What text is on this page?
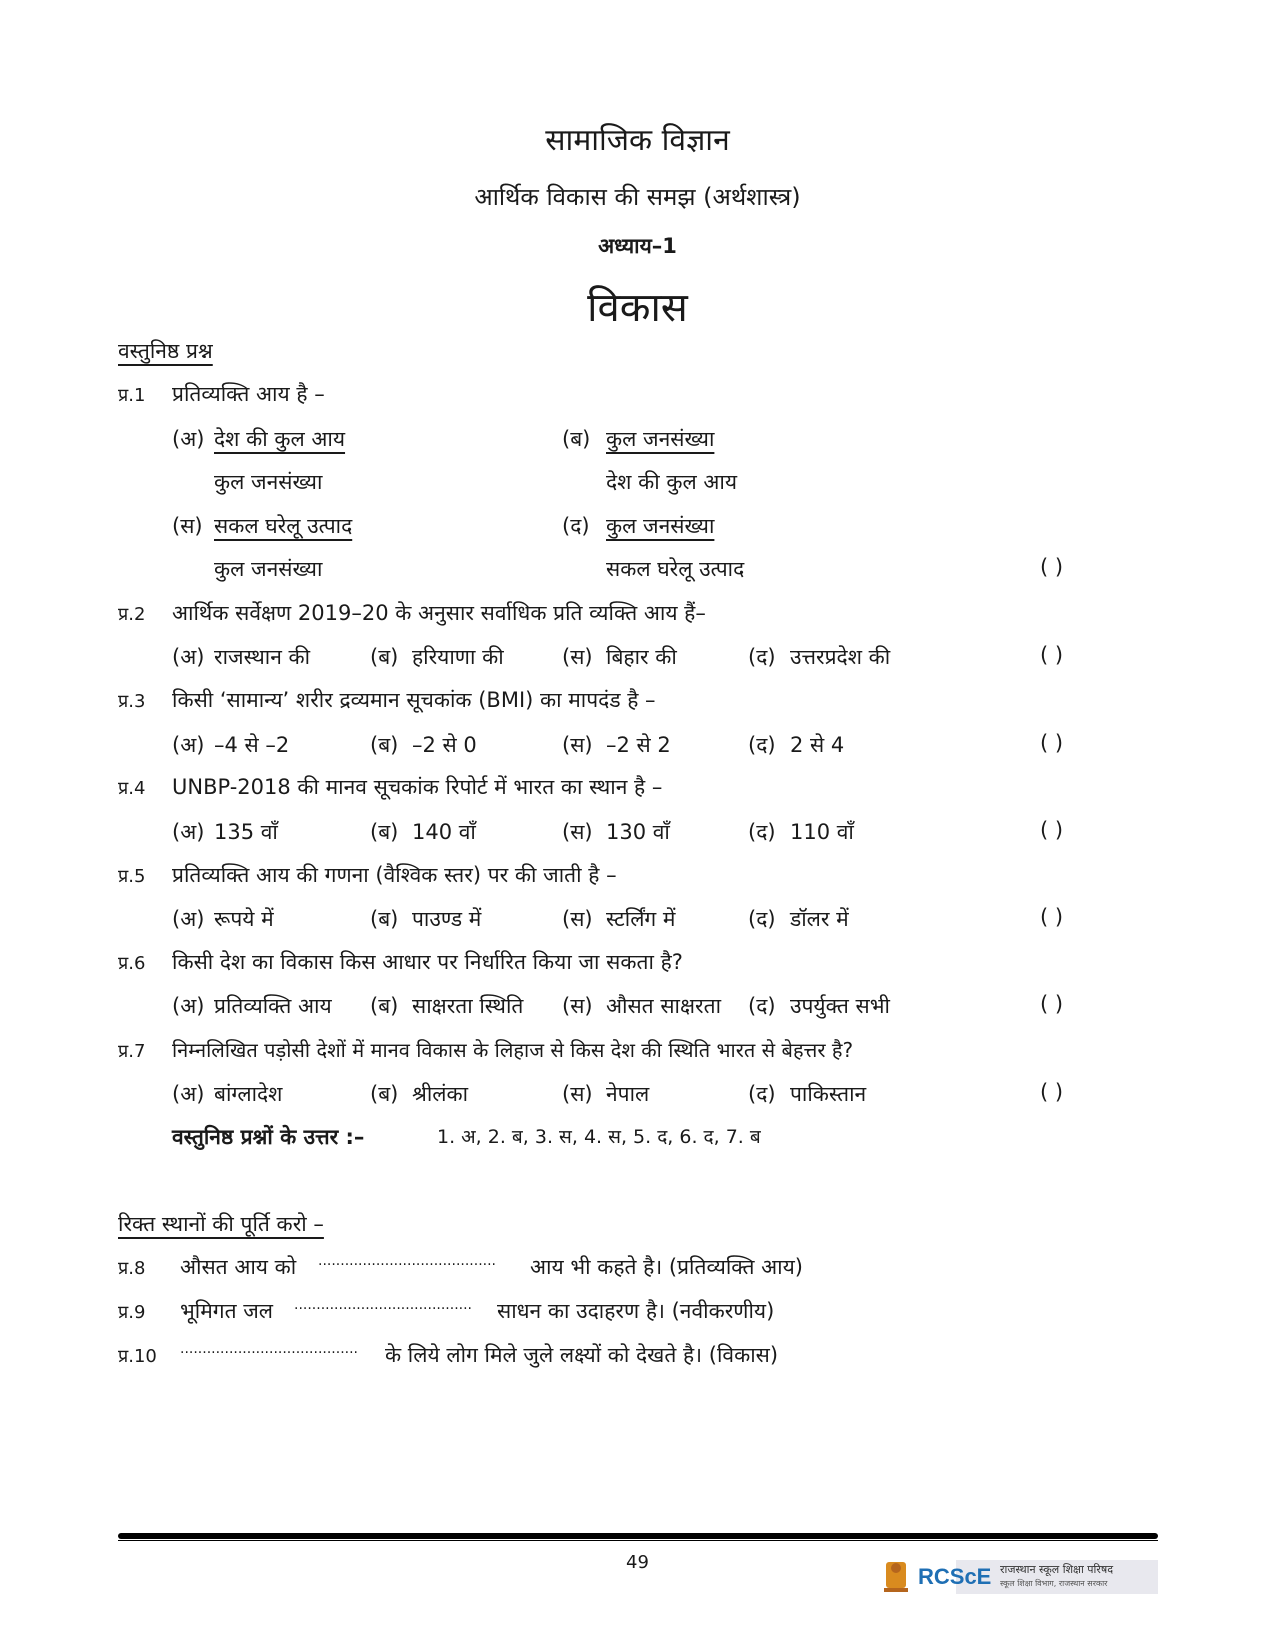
सामाजिक विज्ञान
आर्थिक विकास की समझ (अर्थशास्त्र)
अध्याय–1
विकास
वस्तुनिष्ठ प्रश्न
प्र.1 प्रतिव्यक्ति आय है –
(अ) देश की कुल आय
कुल जनसंख्या
(ब) कुल जनसंख्या
देश की कुल आय
(स) सकल घरेलू उत्पाद
कुल जनसंख्या
(द) कुल जनसंख्या
सकल घरेलू उत्पाद	( )
प्र.2 आर्थिक सर्वेक्षण 2019–20 के अनुसार सर्वाधिक प्रति व्यक्ति आय हैं–
(अ) राजस्थान की	(ब) हरियाणा की	(स) बिहार की	(द) उत्तरप्रदेश की	( )
प्र.3 किसी ‘सामान्य’ शरीर द्रव्यमान सूचकांक (BMI) का मापदंड है –
(अ) –4 से –2	(ब) –2 से 0	(स) –2 से 2	(द) 2 से 4	( )
प्र.4 UNBP-2018 की मानव सूचकांक रिपोर्ट में भारत का स्थान है –
(अ) 135 वाँ	(ब) 140 वाँ	(स) 130 वाँ	(द) 110 वाँ	( )
प्र.5 प्रतिव्यक्ति आय की गणना (वैश्विक स्तर) पर की जाती है –
(अ) रूपये में	(ब) पाउण्ड में	(स) स्टर्लिंग में	(द) डॉलर में	( )
प्र.6 किसी देश का विकास किस आधार पर निर्धारित किया जा सकता है?
(अ) प्रतिव्यक्ति आय (ब) साक्षरता स्थिति (स) औसत साक्षरता (द) उपर्युक्त सभी	( )
प्र.7 निम्नलिखित पड़ोसी देशों में मानव विकास के लिहाज से किस देश की स्थिति भारत से बेहत्तर है?
(अ) बांग्लादेश	(ब) श्रीलंका	(स) नेपाल	(द) पाकिस्तान	( )
वस्तुनिष्ठ प्रश्नों के उत्तर :–	1. अ, 2. ब, 3. स, 4. स, 5. द, 6. द, 7. ब
रिक्त स्थानों की पूर्ति करो –
प्र.8 औसत आय को ........................................ आय भी कहते है। (प्रतिव्यक्ति आय)
प्र.9 भूमिगत जल ........................................ साधन का उदाहरण है। (नवीकरणीय)
प्र.10 ........................................ के लिये लोग मिले जुले लक्ष्यों को देखते है। (विकास)
49
RCScE राजस्थान स्कूल शिक्षा परिषद
स्कूल शिक्षा विभाग, राजस्थान सरकार
